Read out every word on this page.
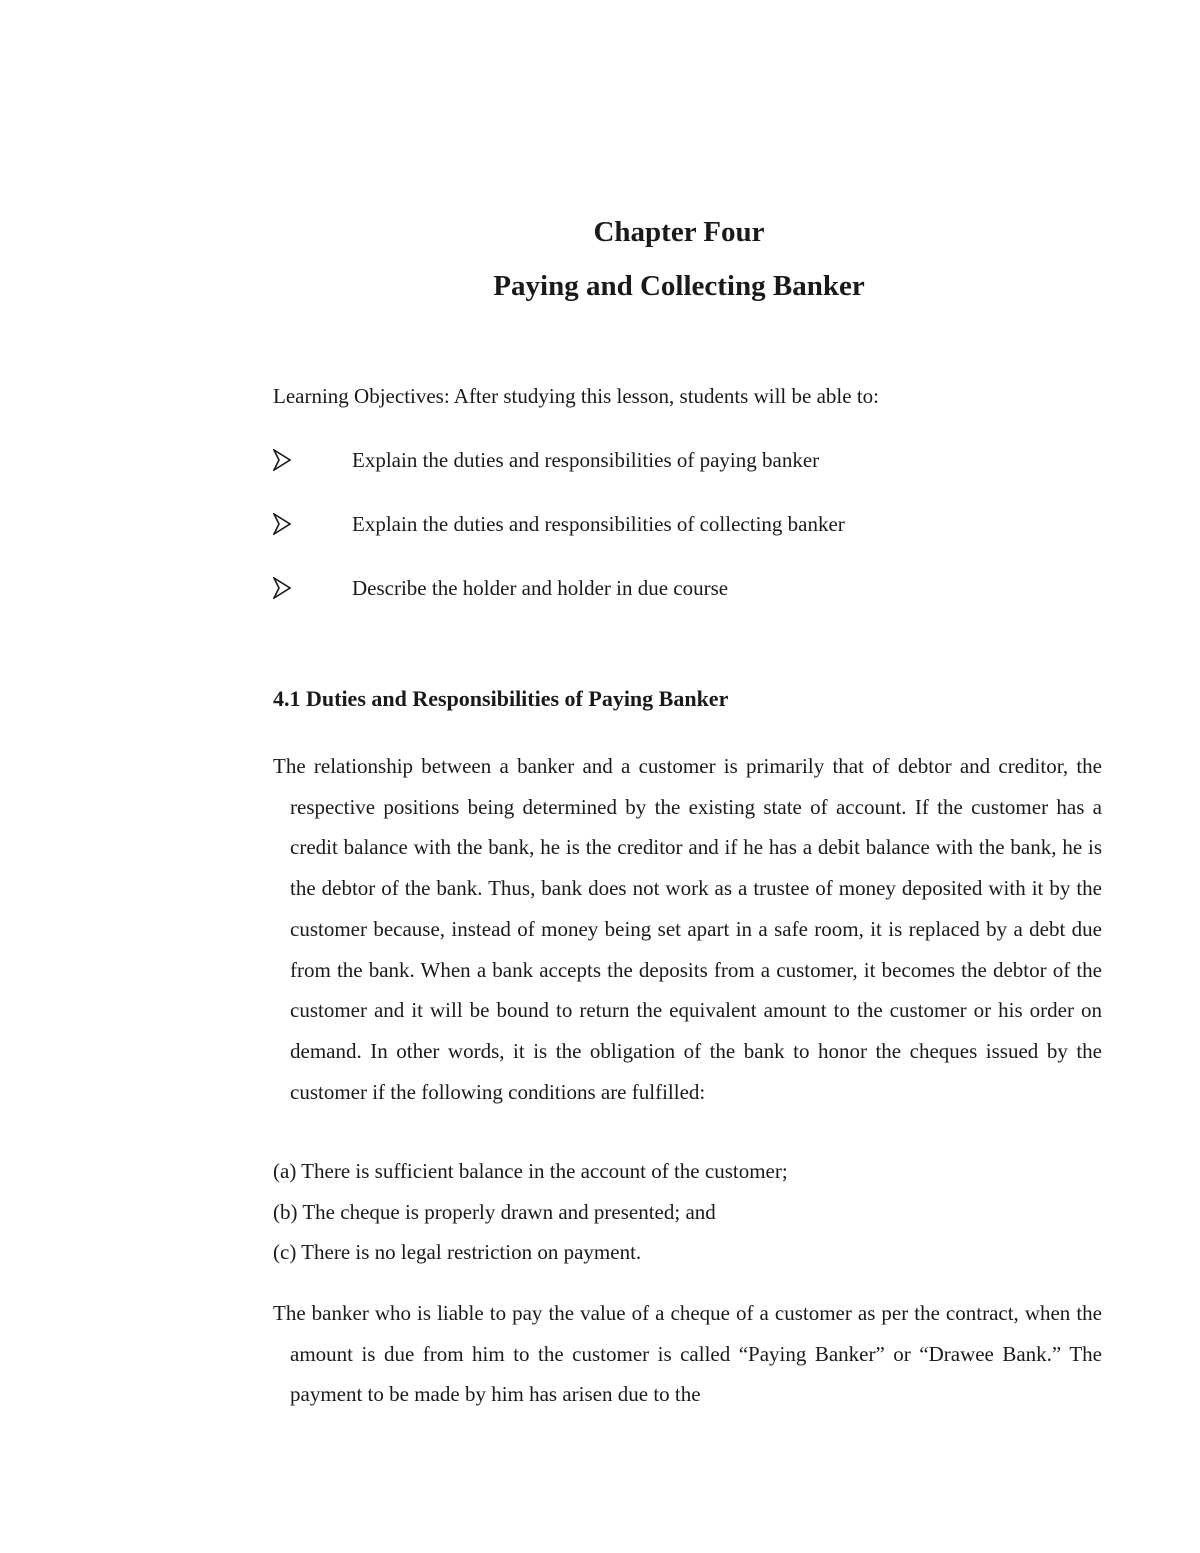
Chapter Four
Paying and Collecting Banker

Learning Objectives: After studying this lesson, students will be able to:

Explain the duties and responsibilities of paying banker
Explain the duties and responsibilities of collecting banker
Describe the holder and holder in due course
4.1 Duties and Responsibilities of Paying Banker

The relationship between a banker and a customer is primarily that of debtor and creditor, the respective positions being determined by the existing state of account. If the customer has a credit balance with the bank, he is the creditor and if he has a debit balance with the bank, he is the debtor of the bank. Thus, bank does not work as a trustee of money deposited with it by the customer because, instead of money being set apart in a safe room, it is replaced by a debt due from the bank. When a bank accepts the deposits from a customer, it becomes the debtor of the customer and it will be bound to return the equivalent amount to the customer or his order on demand. In other words, it is the obligation of the bank to honor the cheques issued by the customer if the following conditions are fulfilled:

(a) There is sufficient balance in the account of the customer;
(b) The cheque is properly drawn and presented; and
(c) There is no legal restriction on payment.

The banker who is liable to pay the value of a cheque of a customer as per the contract, when the amount is due from him to the customer is called “Paying Banker” or “Drawee Bank.” The payment to be made by him has arisen due to the
